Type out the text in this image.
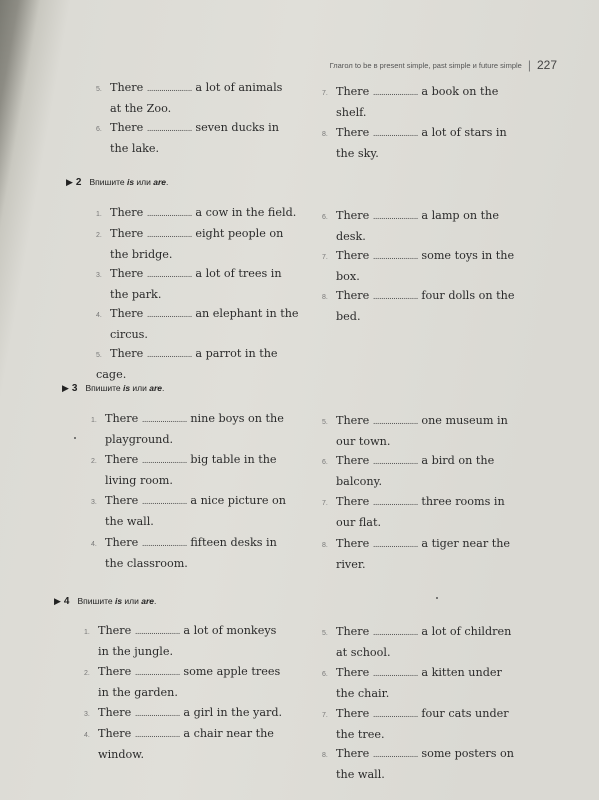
Глагол to be в present simple, past simple и future simple | 227
▶ 2 Впишите is или are.
▶ 3 Впишите is или are.
▶ 4 Впишите is или are.
5. There ...................... a lot of animals
at the Zoo.
6. There ...................... seven ducks in
the lake.
7. There ...................... a book on the
shelf.
8. There ...................... a lot of stars in
the sky.
1. There ...................... a cow in the field.
2. There ...................... eight people on
the bridge.
3. There ...................... a lot of trees in
the park.
4. There ...................... an elephant in the
circus.
5. There ...................... a parrot in the cage.
6. There ...................... a lamp on the
desk.
7. There ...................... some toys in the
box.
8. There ...................... four dolls on the
bed.
1. There ...................... nine boys on the
playground.
2. There ...................... big table in the
living room.
3. There ...................... a nice picture on
the wall.
4. There ...................... fifteen desks in
the classroom.
5. There ...................... one museum in
our town.
6. There ...................... a bird on the
balcony.
7. There ...................... three rooms in
our flat.
8. There ...................... a tiger near the
river.
1. There ...................... a lot of monkeys
in the jungle.
2. There ...................... some apple trees
in the garden.
3. There ...................... a girl in the yard.
4. There ...................... a chair near the
window.
5. There ...................... a lot of children
at school.
6. There ...................... a kitten under
the chair.
7. There ...................... four cats under
the tree.
8. There ...................... some posters on
the wall.
